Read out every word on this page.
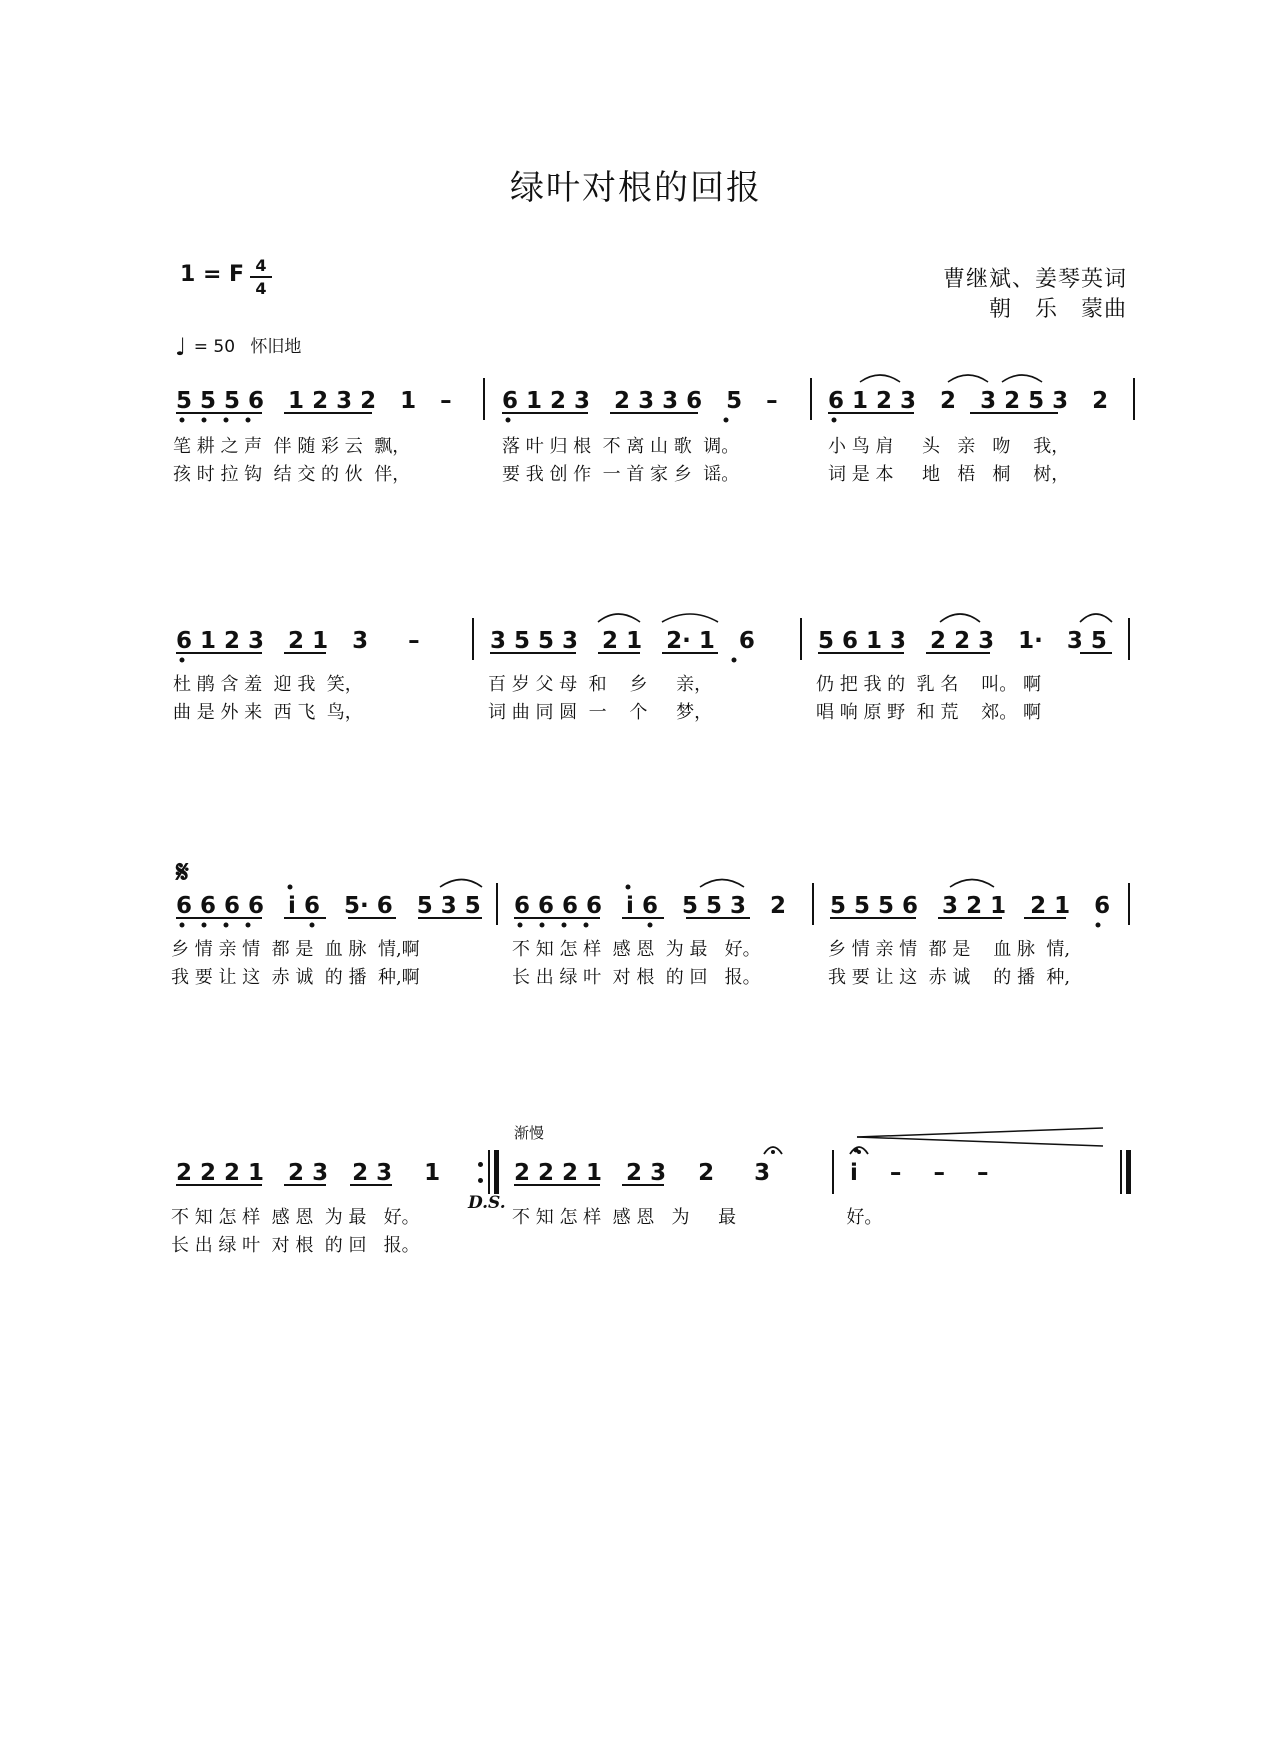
绿叶对根的回报
1 = F 4
4	曹继斌、姜琴英词
朝　乐　蒙曲
♩ = 50 怀旧地
5 5 5 6   1 2 3 2   1   – 6 1 2 3   2 3 3 6   5   – 6 1 2 3   2   3 2 5 3   2
笔 耕 之 声  伴 随 彩 云  飘，	落 叶 归 根  不 离 山 歌  调。	小 鸟 肩     头   亲   吻    我，
孩 时 拉 钩  结 交 的 伙  伴，	要 我 创 作  一 首 家 乡  谣。	词 是 本     地   梧   桐    树，
6 1 2 3   2 1   3     –	3 5 5 3   2 1   2· 1   6	5 6 1 3   2 2 3   1·   3 5
杜 鹃 含 羞  迎 我  笑，	百 岁 父 母  和    乡     亲，	仍 把 我 的  乳 名    叫。 啊
曲 是 外 来  西 飞  鸟，	词 曲 同 圆  一    个     梦，	唱 响 原 野  和 荒    郊。 啊
𝄋
6 6 6 6   i 6   5· 6   5 3 5 6 6 6 6   i 6   5 5 3   2 5 5 5 6   3 2 1   2 1   6
乡 情 亲 情  都 是  血 脉  情,啊	不 知 怎 样  感 恩  为 最   好。	乡 情 亲 情  都 是    血 脉  情,
我 要 让 这  赤 诚  的 播  种,啊	长 出 绿 叶  对 根  的 回   报。	我 要 让 这  赤 诚    的 播  种,
渐慢
2 2 2 1   2 3   2 3    1	2 2 2 1   2 3    2     3	i    –    –    –
D.S.
不 知 怎 样  感 恩  为 最   好。	不 知 怎 样  感 恩   为     最	好。
长 出 绿 叶  对 根  的 回   报。
